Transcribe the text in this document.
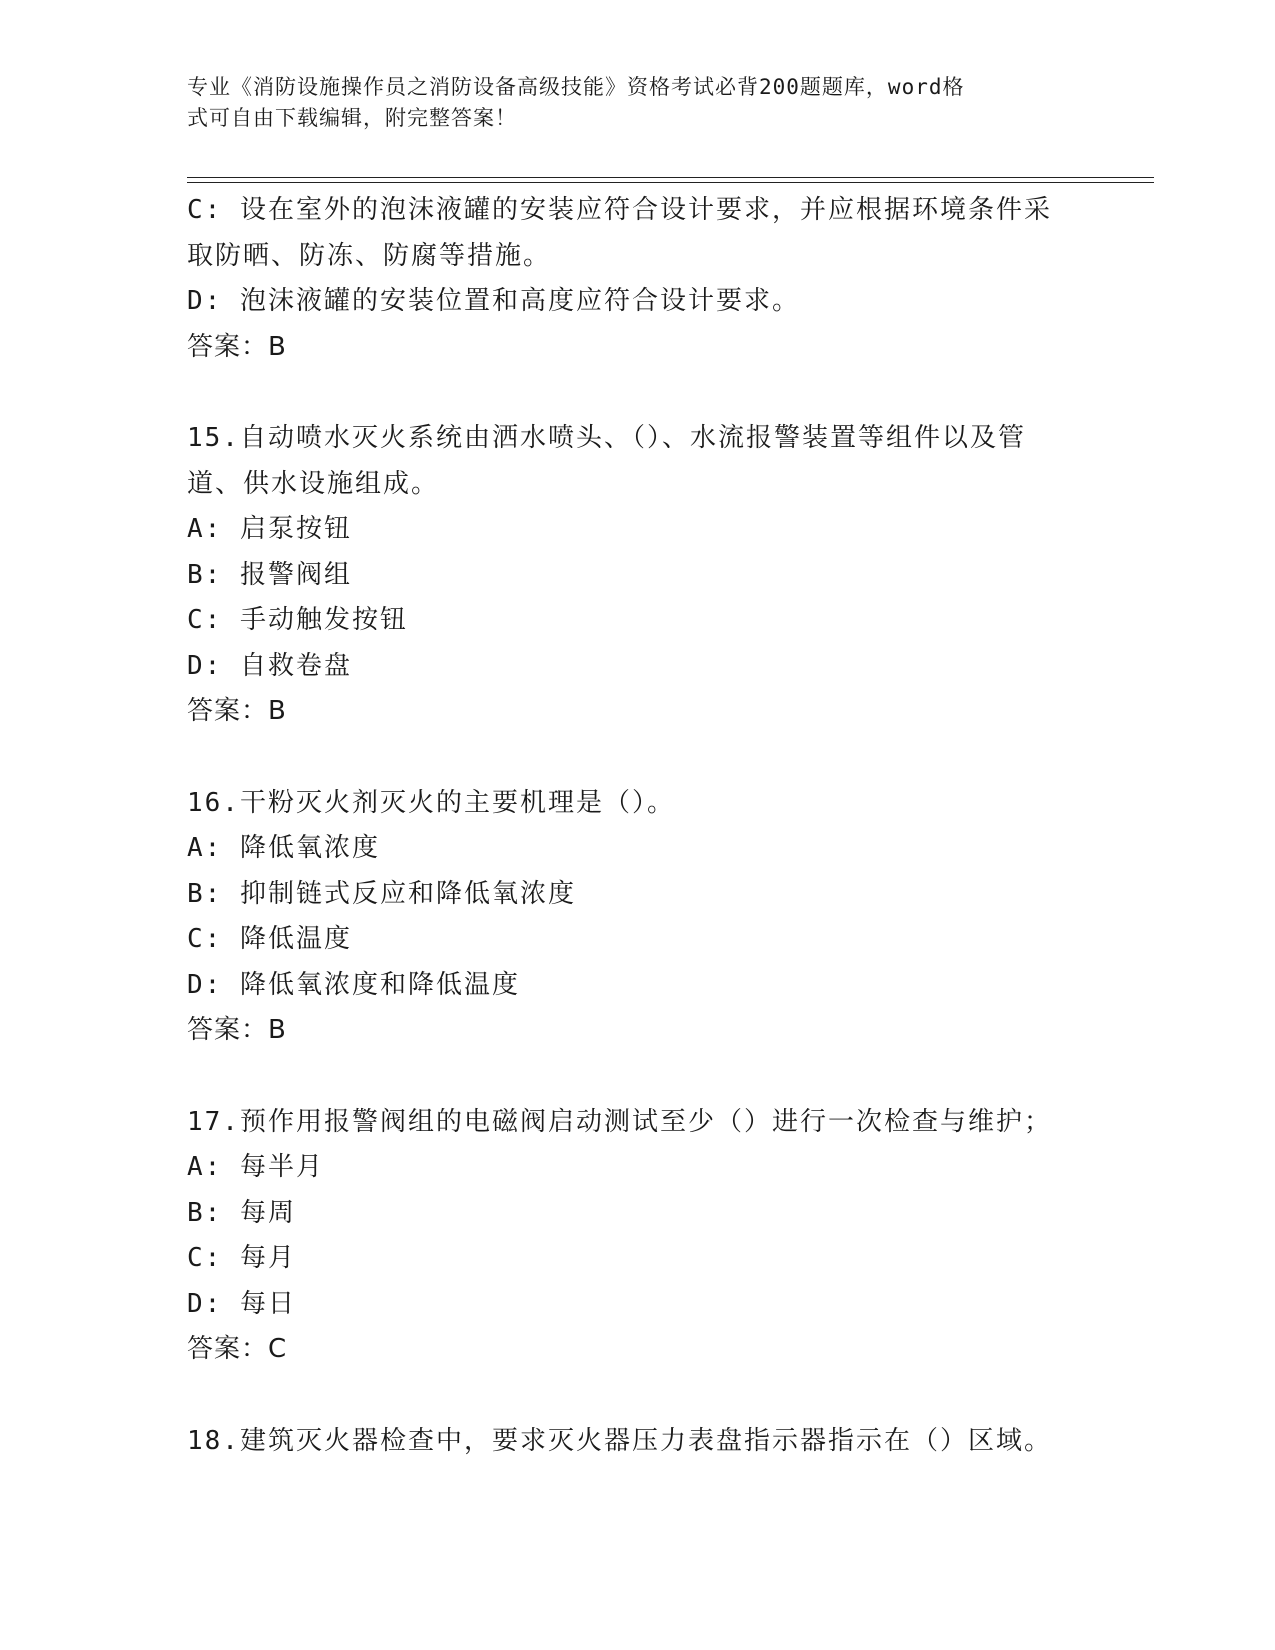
专业《消防设施操作员之消防设备高级技能》资格考试必背200题题库，word格
式可自由下载编辑，附完整答案！
C: 设在室外的泡沫液罐的安装应符合设计要求，并应根据环境条件采
取防晒、防冻、防腐等措施。
D: 泡沫液罐的安装位置和高度应符合设计要求。
答案：B
15.自动喷水灭火系统由洒水喷头、（）、水流报警装置等组件以及管
道、供水设施组成。
A: 启泵按钮
B: 报警阀组
C: 手动触发按钮
D: 自救卷盘
答案：B
16.干粉灭火剂灭火的主要机理是（）。
A: 降低氧浓度
B: 抑制链式反应和降低氧浓度
C: 降低温度
D: 降低氧浓度和降低温度
答案：B
17.预作用报警阀组的电磁阀启动测试至少（）进行一次检查与维护；
A: 每半月
B: 每周
C: 每月
D: 每日
答案：C
18.建筑灭火器检查中，要求灭火器压力表盘指示器指示在（）区域。
